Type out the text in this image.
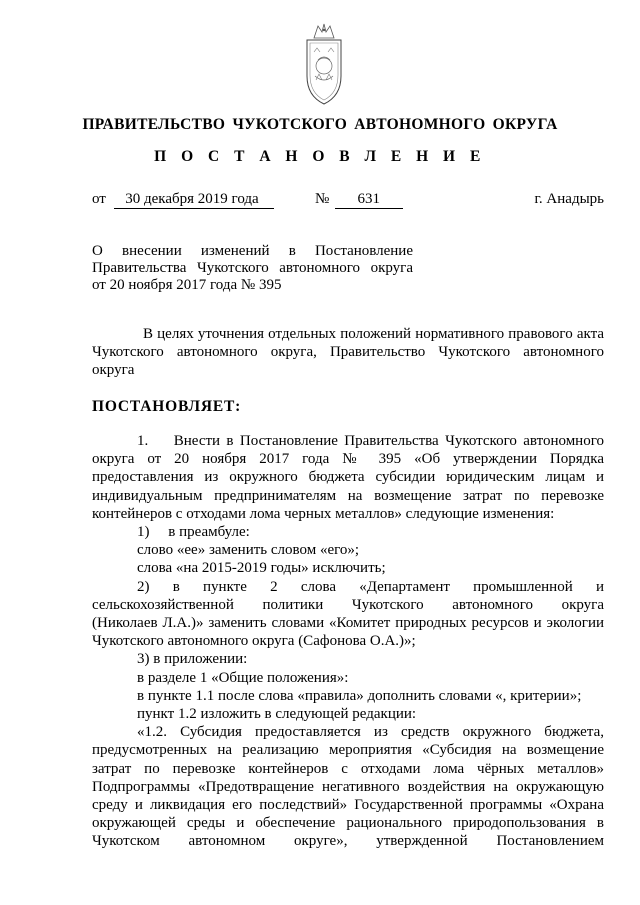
ПРАВИТЕЛЬСТВО ЧУКОТСКОГО АВТОНОМНОГО ОКРУГА
П О С Т А Н О В Л Е Н И Е
от	30 декабря 2019 года	№	631	г. Анадырь
О внесении изменений в Постановление
Правительства Чукотского автономного округа
от 20 ноября 2017 года № 395

В целях уточнения отдельных положений нормативного правового акта

Чукотского автономного округа, Правительство Чукотского автономного

округа

ПОСТАНОВЛЯЕТ:

1.    Внести в Постановление Правительства Чукотского автономного

округа от 20 ноября 2017 года № 395 «Об утверждении Порядка

предоставления из окружного бюджета субсидии юридическим лицам и

индивидуальным предпринимателям на возмещение затрат по перевозке

контейнеров с отходами лома черных металлов» следующие изменения:

1)     в преамбуле:

слово «ее» заменить словом «его»;

слова «на 2015-2019 годы» исключить;

2) в пункте 2 слова «Департамент промышленной и

сельскохозяйственной политики Чукотского автономного округа

(Николаев Л.А.)» заменить словами «Комитет природных ресурсов и экологии

Чукотского автономного округа (Сафонова О.А.)»;

3) в приложении:

в разделе 1 «Общие положения»:

в пункте 1.1 после слова «правила» дополнить словами «, критерии»;

пункт 1.2 изложить в следующей редакции:

«1.2. Субсидия предоставляется из средств окружного бюджета,

предусмотренных на реализацию мероприятия «Субсидия на возмещение

затрат по перевозке контейнеров с отходами лома чёрных металлов»

Подпрограммы «Предотвращение негативного воздействия на окружающую

среду и ликвидация его последствий» Государственной программы «Охрана

окружающей среды и обеспечение рационального природопользования в

Чукотском автономном округе», утвержденной Постановлением
